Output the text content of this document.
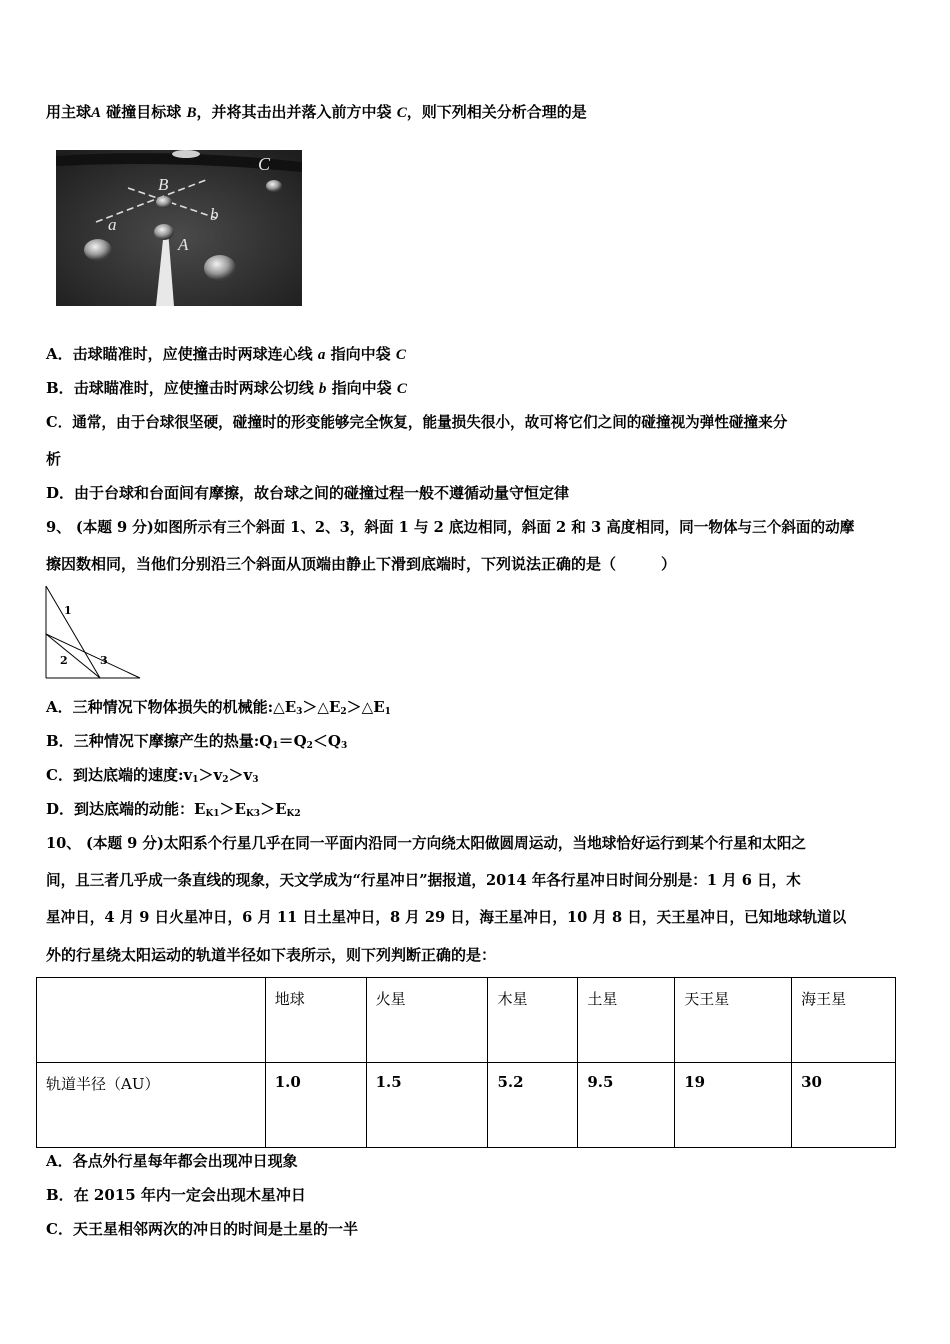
用主球A 碰撞目标球 B，并将其击出并落入前方中袋 C，则下列相关分析合理的是
C
B
b
a
A
A．击球瞄准时，应使撞击时两球连心线 a 指向中袋 C
B．击球瞄准时，应使撞击时两球公切线 b 指向中袋 C
C．通常，由于台球很坚硬，碰撞时的形变能够完全恢复，能量损失很小，故可将它们之间的碰撞视为弹性碰撞来分
析
D．由于台球和台面间有摩擦，故台球之间的碰撞过程一般不遵循动量守恒定律
9、 (本题 9 分)如图所示有三个斜面 1、2、3，斜面 1 与 2 底边相同，斜面 2 和 3 高度相同，同一物体与三个斜面的动摩
擦因数相同，当他们分别沿三个斜面从顶端由静止下滑到底端时，下列说法正确的是（　　　）
1
2	3
A．三种情况下物体损失的机械能$:\triangle E_3>\triangle E_2>\triangle E_1$
B．三种情况下摩擦产生的热量$:Q_1=Q_2<Q_3$
C．到达底端的速度$:v_1>v_2>v_3$
D．到达底端的动能：$E_{K1}>E_{K3}>E_{K2}$
10、 (本题 9 分)太阳系个行星几乎在同一平面内沿同一方向绕太阳做圆周运动，当地球恰好运行到某个行星和太阳之
间，且三者几乎成一条直线的现象，天文学成为“行星冲日”据报道，2014 年各行星冲日时间分别是：1 月 6 日，木
星冲日，4 月 9 日火星冲日，6 月 11 日土星冲日，8 月 29 日，海王星冲日，10 月 8 日，天王星冲日，已知地球轨道以
外的行星绕太阳运动的轨道半径如下表所示，则下列判断正确的是：
	地球	火星	木星	土星	天王星	海王星
轨道半径（AU）	1.0	1.5	5.2	9.5	19	30
A．各点外行星每年都会出现冲日现象
B．在 2015 年内一定会出现木星冲日
C．天王星相邻两次的冲日的时间是土星的一半
